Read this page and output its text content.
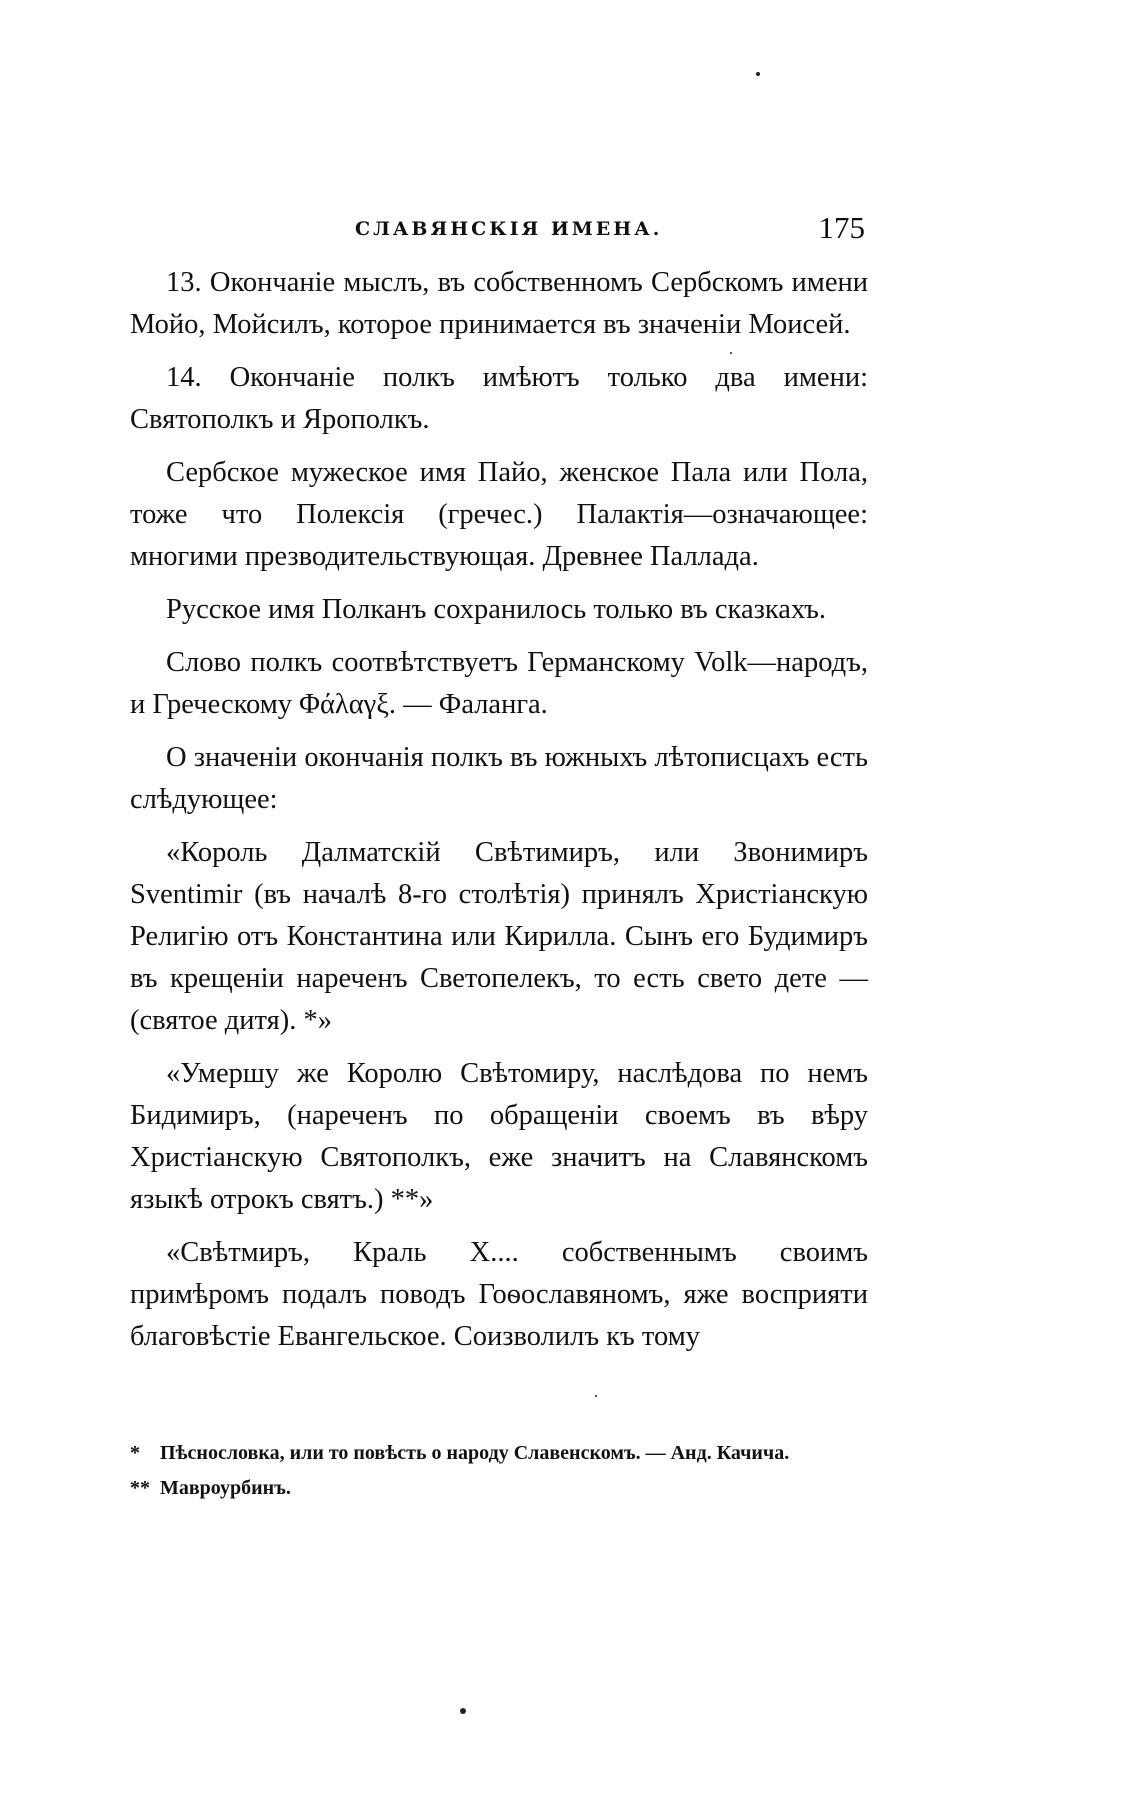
СЛАВЯНСКІЯ ИМЕНА.	175

13. Окончаніе мыслъ, въ собственномъ Сербскомъ имени Мойо, Мойсилъ, которое принимается въ значеніи Моисей.

14. Окончаніе полкъ имѣютъ только два имени: Святополкъ и Ярополкъ.

Сербское мужеское имя Пайо, женское Пала или Пола, тоже что Полексія (гречес.) Палактія—означающее: многими презводительствующая. Древнее Паллада.

Русское имя Полканъ сохранилось только въ сказкахъ.

Слово полкъ соотвѣтствуетъ Германскому Volk—народъ, и Греческому Φάλαγξ. — Фаланга.

О значеніи окончанія полкъ въ южныхъ лѣтописцахъ есть слѣдующее:

«Король Далматскій Свѣтимиръ, или Звонимиръ Sventimir (въ началѣ 8-го столѣтія) принялъ Христіанскую Религію отъ Константина или Кирилла. Сынъ его Будимиръ въ крещеніи нареченъ Светопелекъ, то есть свето дете — (святое дитя). *»

«Умершу же Королю Свѣтомиру, наслѣдова по немъ Бидимиръ, (нареченъ по обращеніи своемъ въ вѣру Христіанскую Святополкъ, еже значитъ на Славянскомъ языкѣ отрокъ святъ.) **»

«Свѣтмиръ, Краль X.... собственнымъ своимъ примѣромъ подалъ поводъ Гоѳославяномъ, яже восприяти благовѣстіе Евангельское. Соизволилъ къ тому

* Пѣснословка, или то повѣсть о народу Славенскомъ. — Анд. Качича.

** Мавроурбинъ.
